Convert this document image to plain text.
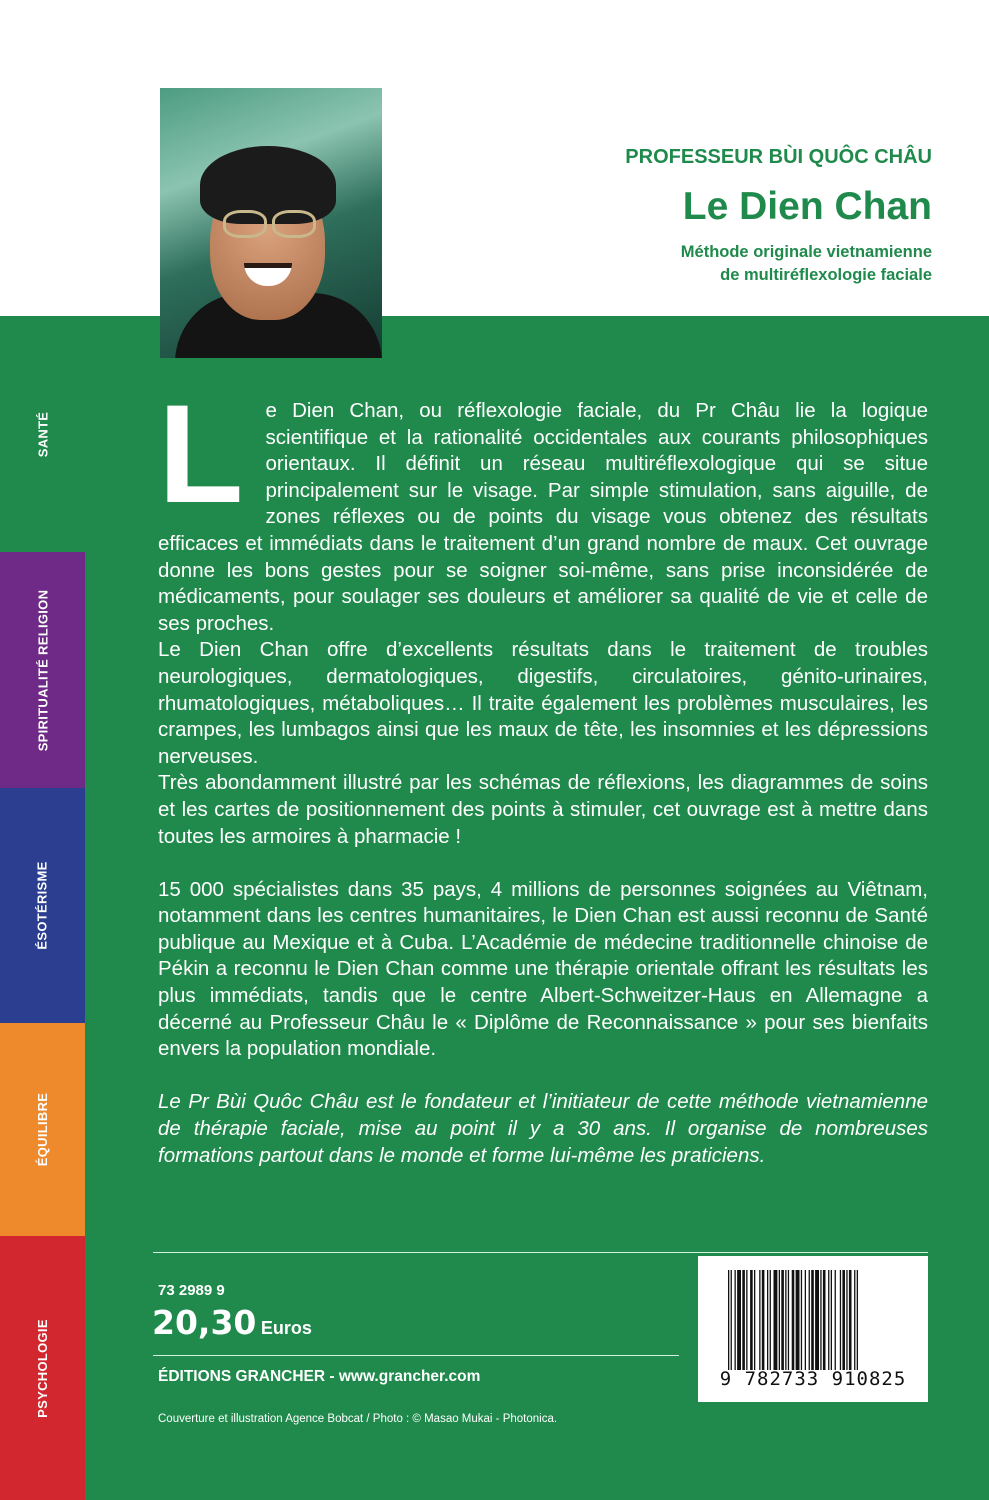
SANTÉ
SPIRITUALITÉ RELIGION
ÉSOTÉRISME
ÉQUILIBRE
PSYCHOLOGIE
PROFESSEUR BÙI QUÔC CHÂU
Le Dien Chan
Méthode originale vietnamienne
de multiréflexologie faciale
L	e Dien Chan, ou réflexologie faciale, du Pr Châu lie la logique scientifique et la rationalité occidentales aux courants philosophiques orientaux. Il définit un réseau multiréflexologique qui se situe principalement sur le visage. Par simple stimulation, sans aiguille, de zones réflexes ou de points du visage vous obtenez des résultats efficaces et immédiats dans le traitement d’un grand nombre de maux. Cet ouvrage donne les bons gestes pour se soigner soi-même, sans prise inconsidérée de médicaments, pour soulager ses douleurs et améliorer sa qualité de vie et celle de ses proches.

Le Dien Chan offre d’excellents résultats dans le traitement de troubles neurologiques, dermatologiques, digestifs, circulatoires, génito-urinaires, rhumatologiques, métaboliques… Il traite également les problèmes musculaires, les crampes, les lumbagos ainsi que les maux de tête, les insomnies et les dépressions nerveuses.

Très abondamment illustré par les schémas de réflexions, les diagrammes de soins et les cartes de positionnement des points à stimuler, cet ouvrage est à mettre dans toutes les armoires à pharmacie !

15 000 spécialistes dans 35 pays, 4 millions de personnes soignées au Viêtnam, notamment dans les centres humanitaires, le Dien Chan est aussi reconnu de Santé publique au Mexique et à Cuba. L’Académie de médecine traditionnelle chinoise de Pékin a reconnu le Dien Chan comme une thérapie orientale offrant les résultats les plus immédiats, tandis que le centre Albert-Schweitzer-Haus en Allemagne a décerné au Professeur Châu le « Diplôme de Reconnaissance » pour ses bienfaits envers la population mondiale.

Le Pr Bùi Quôc Châu est le fondateur et l’initiateur de cette méthode vietnamienne de thérapie faciale, mise au point il y a 30 ans. Il organise de nombreuses formations partout dans le monde et forme lui-même les praticiens.

73 2989 9
20,30 Euros
ÉDITIONS GRANCHER - www.grancher.com
Couverture et illustration Agence Bobcat / Photo : © Masao Mukai - Photonica.
9 782733 910825
